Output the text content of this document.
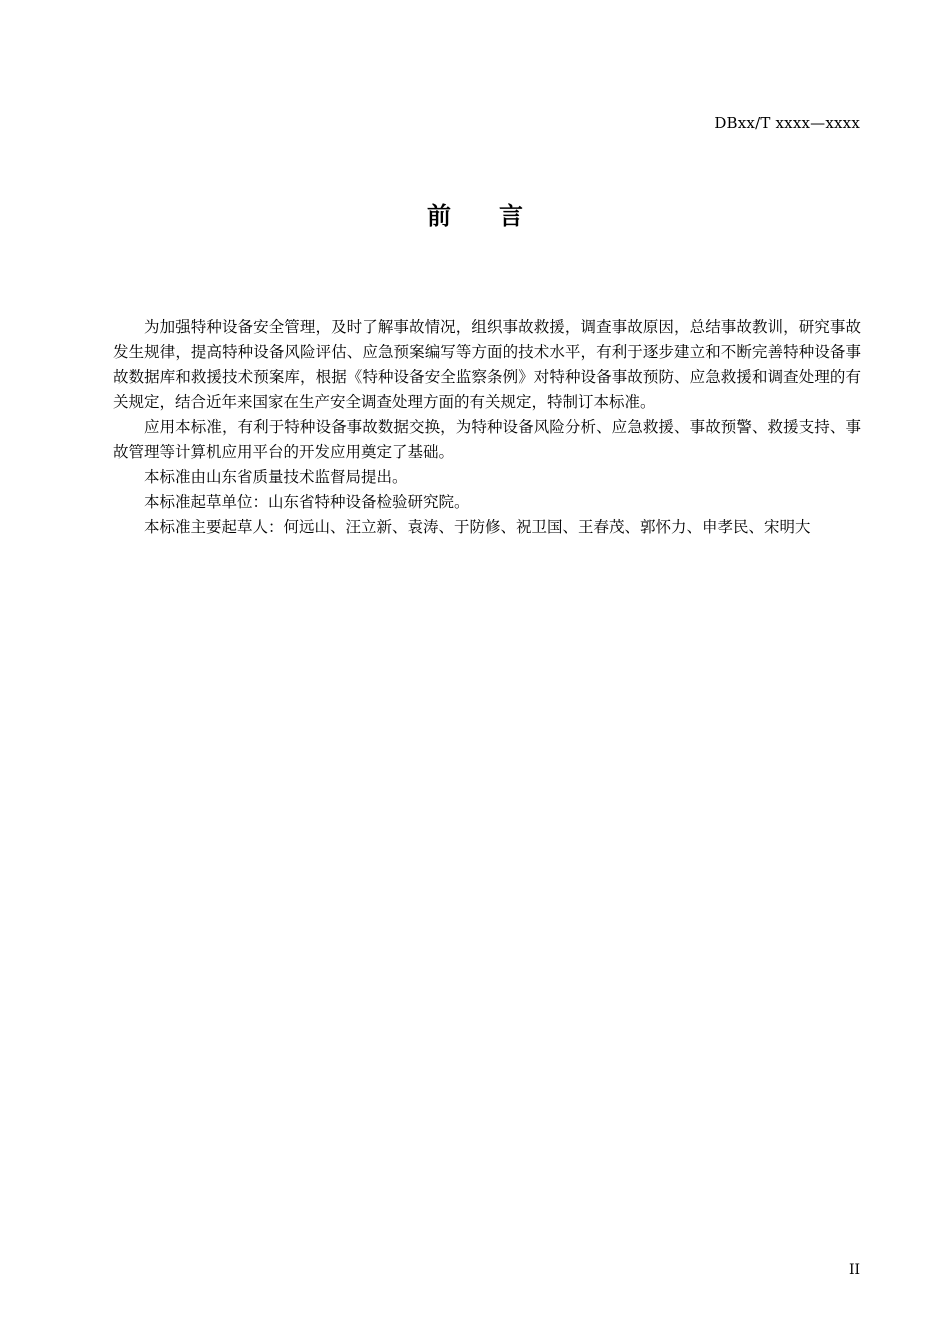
DBxx/T xxxx—xxxx
前　　言

为加强特种设备安全管理，及时了解事故情况，组织事故救援，调查事故原因，总结事故教训，研究事故发生规律，提高特种设备风险评估、应急预案编写等方面的技术水平，有利于逐步建立和不断完善特种设备事故数据库和救援技术预案库，根据《特种设备安全监察条例》对特种设备事故预防、应急救援和调查处理的有关规定，结合近年来国家在生产安全调查处理方面的有关规定，特制订本标准。

应用本标准，有利于特种设备事故数据交换，为特种设备风险分析、应急救援、事故预警、救援支持、事故管理等计算机应用平台的开发应用奠定了基础。

本标准由山东省质量技术监督局提出。

本标准起草单位：山东省特种设备检验研究院。

本标准主要起草人：何远山、汪立新、袁涛、于防修、祝卫国、王春茂、郭怀力、申孝民、宋明大

II
